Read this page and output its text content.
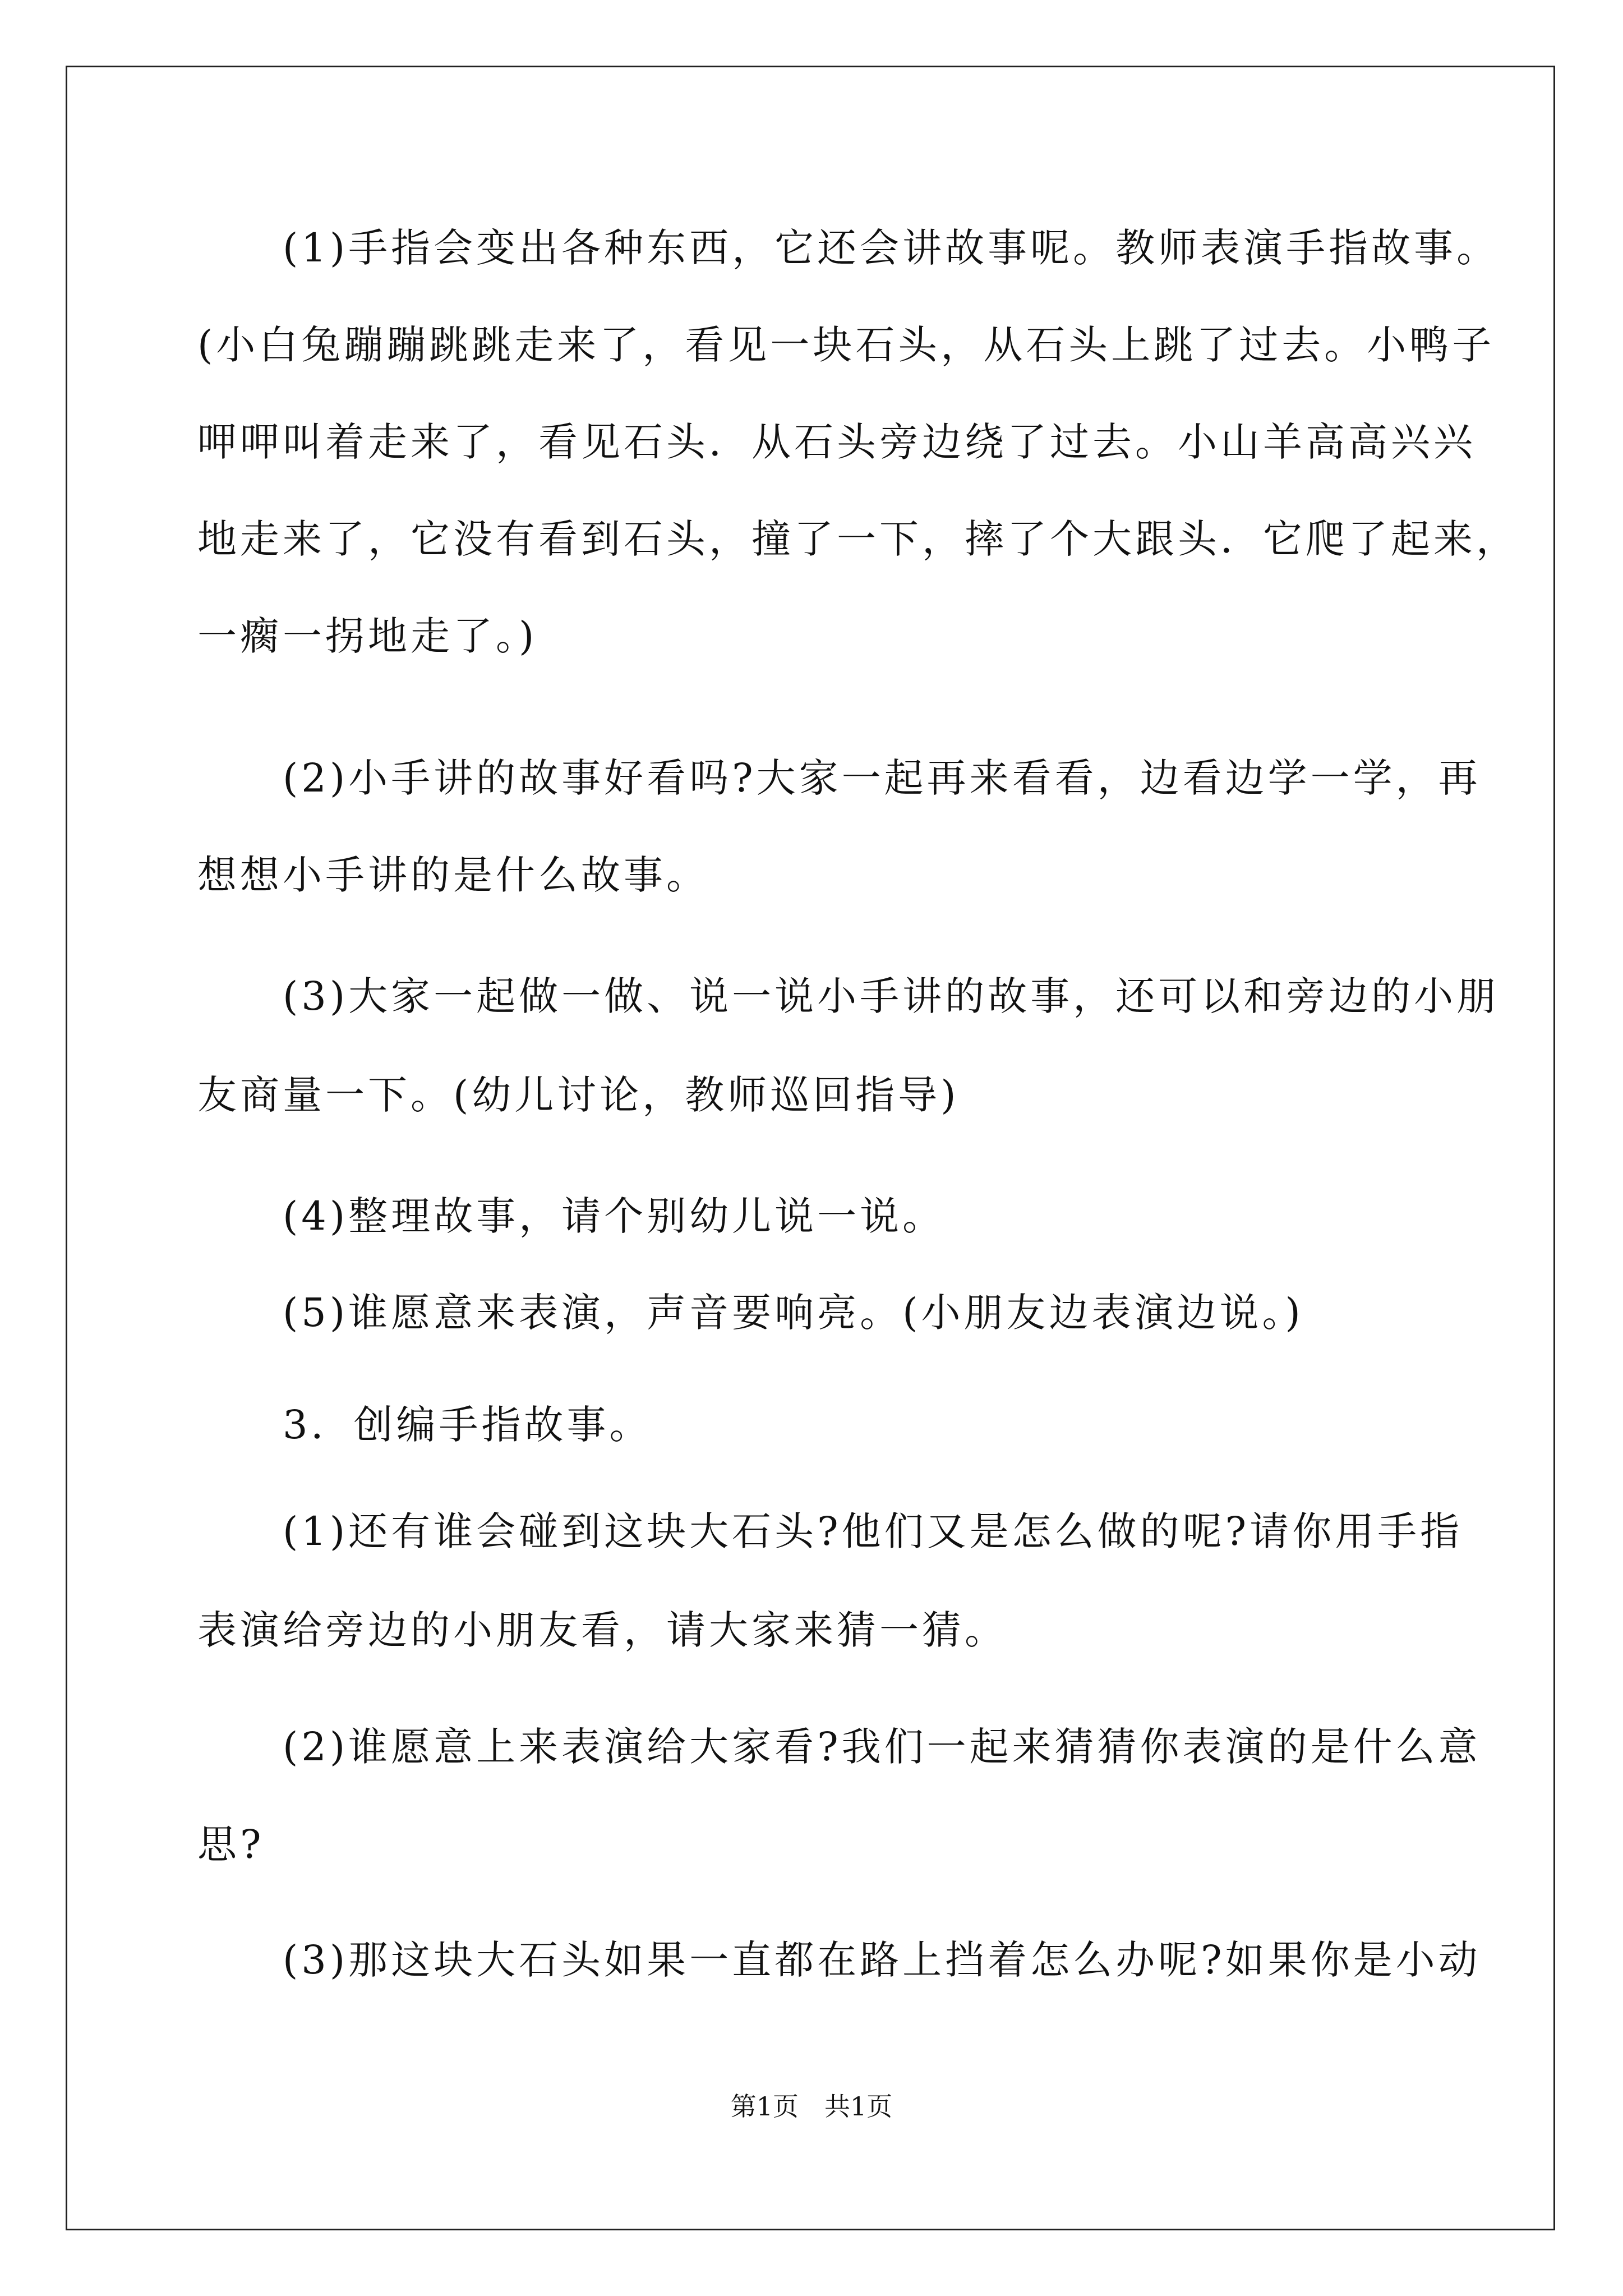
(1)手指会变出各种东西，它还会讲故事呢。教师表演手指故事。
(小白兔蹦蹦跳跳走来了，看见一块石头，从石头上跳了过去。小鸭子
呷呷叫着走来了，看见石头．从石头旁边绕了过去。小山羊高高兴兴
地走来了，它没有看到石头，撞了一下，摔了个大跟头．它爬了起来，
一瘸一拐地走了。)
(2)小手讲的故事好看吗?大家一起再来看看，边看边学一学，再
想想小手讲的是什么故事。
(3)大家一起做一做、说一说小手讲的故事，还可以和旁边的小朋
友商量一下。(幼儿讨论，教师巡回指导)
(4)整理故事，请个别幼儿说一说。
(5)谁愿意来表演，声音要响亮。(小朋友边表演边说。)
3．创编手指故事。
(1)还有谁会碰到这块大石头?他们又是怎么做的呢?请你用手指
表演给旁边的小朋友看，请大家来猜一猜。
(2)谁愿意上来表演给大家看?我们一起来猜猜你表演的是什么意
思?
(3)那这块大石头如果一直都在路上挡着怎么办呢?如果你是小动
第1页　共1页
